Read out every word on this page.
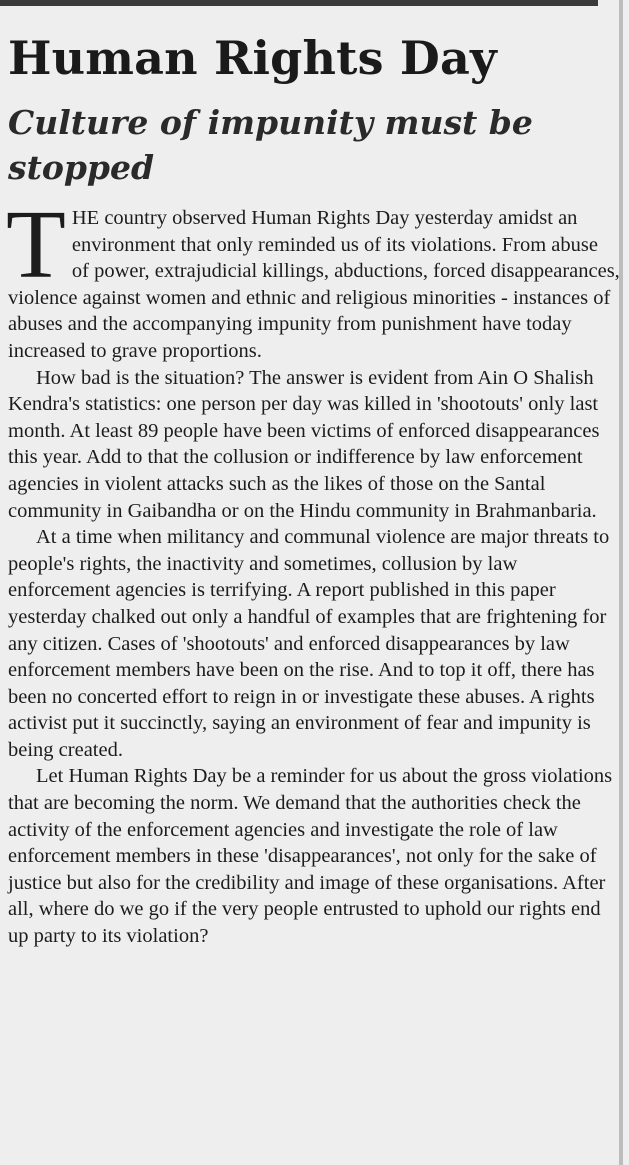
Human Rights Day
Culture of impunity must be stopped

THE country observed Human Rights Day yesterday amidst an environment that only reminded us of its violations. From abuse of power, extrajudicial killings, abductions, forced disappearances, violence against women and ethnic and religious minorities - instances of abuses and the accompanying impunity from punishment have today increased to grave proportions.

How bad is the situation? The answer is evident from Ain O Shalish Kendra's statistics: one person per day was killed in 'shootouts' only last month. At least 89 people have been victims of enforced disappearances this year. Add to that the collusion or indifference by law enforcement agencies in violent attacks such as the likes of those on the Santal community in Gaibandha or on the Hindu community in Brahmanbaria.

At a time when militancy and communal violence are major threats to people's rights, the inactivity and sometimes, collusion by law enforcement agencies is terrifying. A report published in this paper yesterday chalked out only a handful of examples that are frightening for any citizen. Cases of 'shootouts' and enforced disappearances by law enforcement members have been on the rise. And to top it off, there has been no concerted effort to reign in or investigate these abuses. A rights activist put it succinctly, saying an environment of fear and impunity is being created.

Let Human Rights Day be a reminder for us about the gross violations that are becoming the norm. We demand that the authorities check the activity of the enforcement agencies and investigate the role of law enforcement members in these 'disappearances', not only for the sake of justice but also for the credibility and image of these organisations. After all, where do we go if the very people entrusted to uphold our rights end up party to its violation?
